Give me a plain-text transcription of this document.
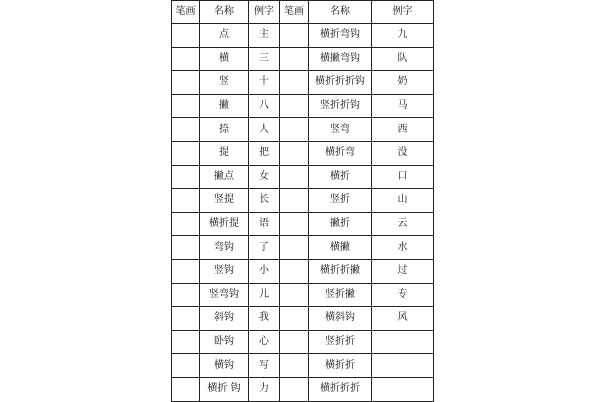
笔画	名称	例字	笔画	名称	例字
	点	主		横折弯钩	九
	横	三		横撇弯钩	队
	竖	十		横折折折钩	奶
	撇	八		竖折折钩	马
	捺	人		竖弯	西
	提	把		横折弯	没
	撇点	女		横折	口
	竖提	长		竖折	山
	横折提	语		撇折	云
	弯钩	了		横撇	水
	竖钩	小		横折折撇	过
	竖弯钩	儿		竖折撇	专
	斜钩	我		横斜钩	风
	卧钩	心		竖折折	
	横钩	写		横折折	
	横折 钩	力		横折折折	
